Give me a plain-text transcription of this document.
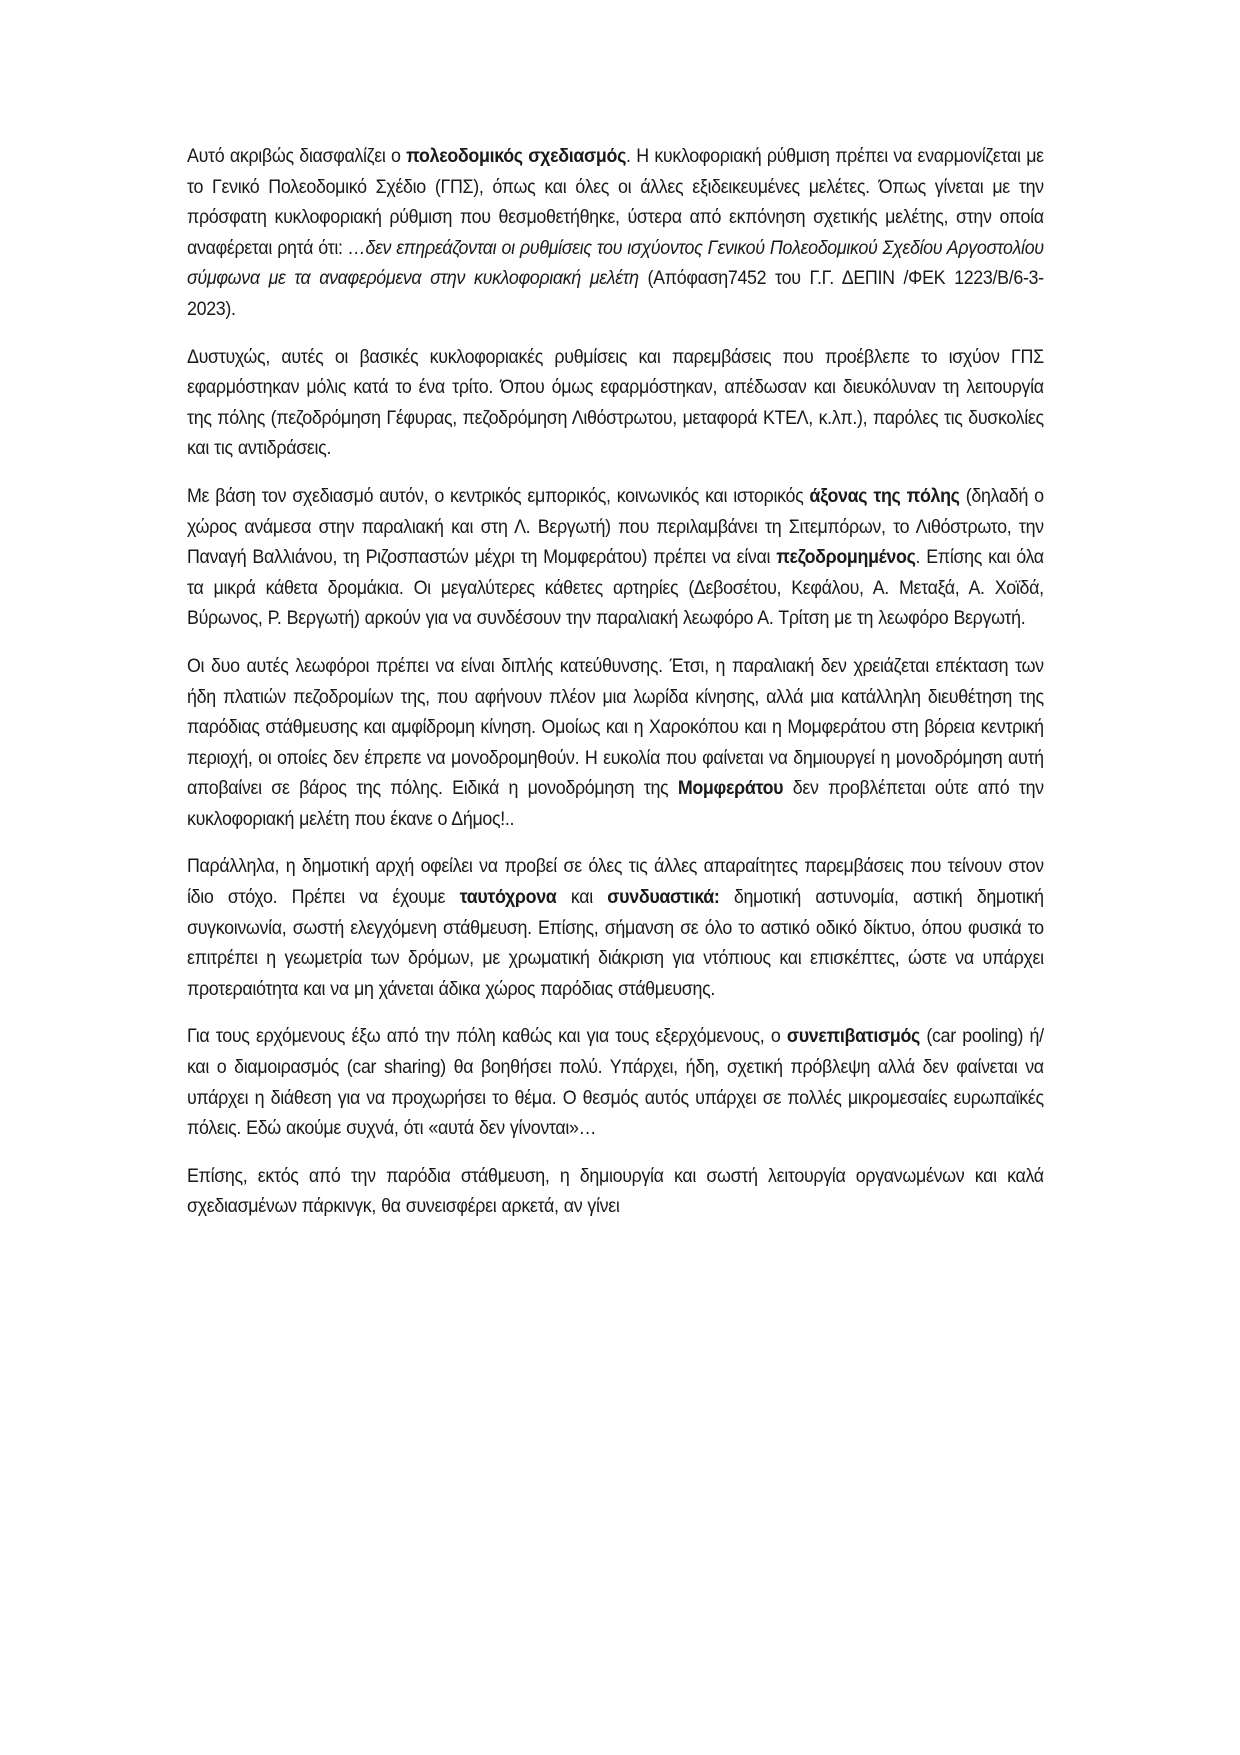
Αυτό ακριβώς διασφαλίζει ο πολεοδομικός σχεδιασμός. Η κυκλοφοριακή ρύθμιση πρέπει να εναρμονίζεται με το Γενικό Πολεοδομικό Σχέδιο (ΓΠΣ), όπως και όλες οι άλλες εξιδεικευμένες μελέτες. Όπως γίνεται με την πρόσφατη κυκλοφοριακή ρύθμιση που θεσμοθετήθηκε, ύστερα από εκπόνηση σχετικής μελέτης, στην οποία αναφέρεται ρητά ότι: …δεν επηρεάζονται οι ρυθμίσεις του ισχύοντος Γενικού Πολεοδομικού Σχεδίου Αργοστολίου σύμφωνα με τα αναφερόμενα στην κυκλοφοριακή μελέτη (Απόφαση7452 του Γ.Γ. ΔΕΠΙΝ /ΦΕΚ 1223/Β/6-3-2023).

Δυστυχώς, αυτές οι βασικές κυκλοφοριακές ρυθμίσεις και παρεμβάσεις που προέβλεπε το ισχύον ΓΠΣ εφαρμόστηκαν μόλις κατά το ένα τρίτο. Όπου όμως εφαρμόστηκαν, απέδωσαν και διευκόλυναν τη λειτουργία της πόλης (πεζοδρόμηση Γέφυρας, πεζοδρόμηση Λιθόστρωτου, μεταφορά ΚΤΕΛ, κ.λπ.), παρόλες τις δυσκολίες και τις αντιδράσεις.

Με βάση τον σχεδιασμό αυτόν, ο κεντρικός εμπορικός, κοινωνικός και ιστορικός άξονας της πόλης (δηλαδή ο χώρος ανάμεσα στην παραλιακή και στη Λ. Βεργωτή) που περιλαμβάνει τη Σιτεμπόρων, το Λιθόστρωτο, την Παναγή Βαλλιάνου, τη Ριζοσπαστών μέχρι τη Μομφεράτου) πρέπει να είναι πεζοδρομημένος. Επίσης και όλα τα μικρά κάθετα δρομάκια. Οι μεγαλύτερες κάθετες αρτηρίες (Δεβοσέτου, Κεφάλου, Α. Μεταξά, Α. Χοϊδά, Βύρωνος, Ρ. Βεργωτή) αρκούν για να συνδέσουν την παραλιακή λεωφόρο Α. Τρίτση με τη λεωφόρο Βεργωτή.

Οι δυο αυτές λεωφόροι πρέπει να είναι διπλής κατεύθυνσης. Έτσι, η παραλιακή δεν χρειάζεται επέκταση των ήδη πλατιών πεζοδρομίων της, που αφήνουν πλέον μια λωρίδα κίνησης, αλλά μια κατάλληλη διευθέτηση της παρόδιας στάθμευσης και αμφίδρομη κίνηση. Ομοίως και η Χαροκόπου και η Μομφεράτου στη βόρεια κεντρική περιοχή, οι οποίες δεν έπρεπε να μονοδρομηθούν. Η ευκολία που φαίνεται να δημιουργεί η μονοδρόμηση αυτή αποβαίνει σε βάρος της πόλης. Ειδικά η μονοδρόμηση της Μομφεράτου δεν προβλέπεται ούτε από την κυκλοφοριακή μελέτη που έκανε ο Δήμος!..

Παράλληλα, η δημοτική αρχή οφείλει να προβεί σε όλες τις άλλες απαραίτητες παρεμβάσεις που τείνουν στον ίδιο στόχο. Πρέπει να έχουμε ταυτόχρονα και συνδυαστικά: δημοτική αστυνομία, αστική δημοτική συγκοινωνία, σωστή ελεγχόμενη στάθμευση. Επίσης, σήμανση σε όλο το αστικό οδικό δίκτυο, όπου φυσικά το επιτρέπει η γεωμετρία των δρόμων, με χρωματική διάκριση για ντόπιους και επισκέπτες, ώστε να υπάρχει προτεραιότητα και να μη χάνεται άδικα χώρος παρόδιας στάθμευσης.

Για τους ερχόμενους έξω από την πόλη καθώς και για τους εξερχόμενους, ο συνεπιβατισμός (car pooling) ή/και ο διαμοιρασμός (car sharing) θα βοηθήσει πολύ. Υπάρχει, ήδη, σχετική πρόβλεψη αλλά δεν φαίνεται να υπάρχει η διάθεση για να προχωρήσει το θέμα. Ο θεσμός αυτός υπάρχει σε πολλές μικρομεσαίες ευρωπαϊκές πόλεις. Εδώ ακούμε συχνά, ότι «αυτά δεν γίνονται»…

Επίσης, εκτός από την παρόδια στάθμευση, η δημιουργία και σωστή λειτουργία οργανωμένων και καλά σχεδιασμένων πάρκινγκ, θα συνεισφέρει αρκετά, αν γίνει
